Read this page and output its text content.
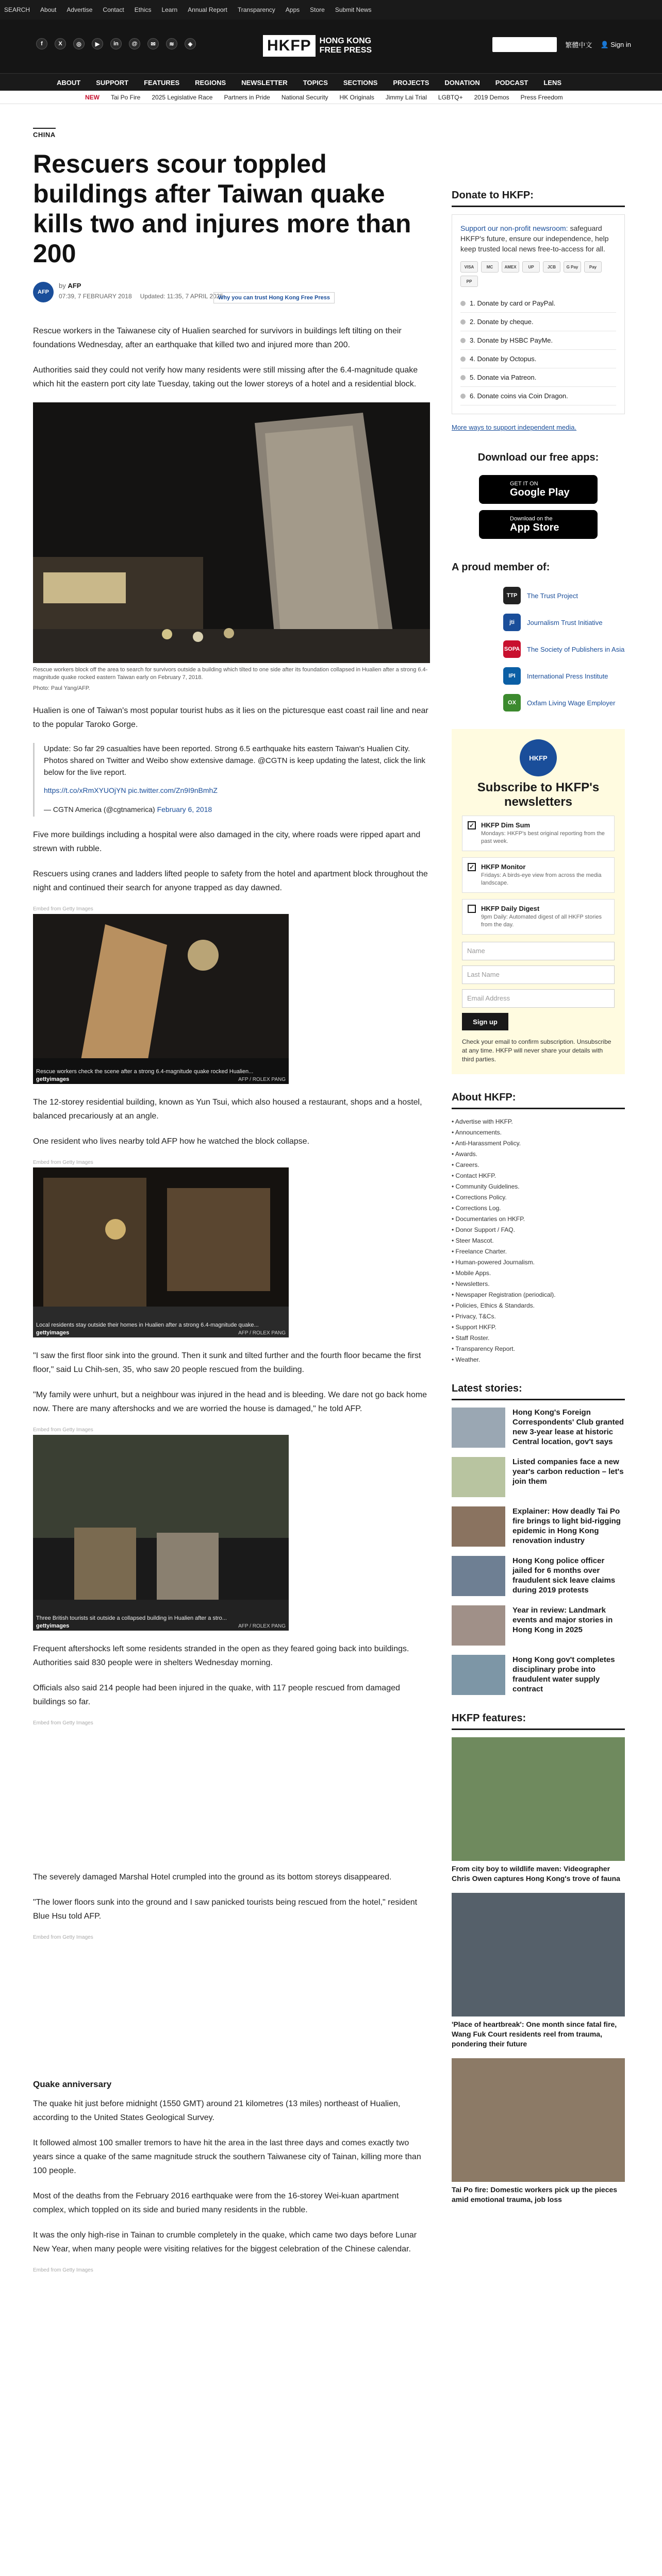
SEARCH About Advertise Contact Ethics Learn Annual Report Transparency Apps Store Submit News
f	X	◎	▶	in	@	✉	≋	◈	HKFP	HONG KONG FREE PRESS
SUPPORT HKFP	繁體中文 👤 Sign in
ABOUT SUPPORT FEATURES REGIONS NEWSLETTER TOPICS SECTIONS PROJECTS DONATION PODCAST LENS
NEW Tai Po Fire 2025 Legislative Race Partners in Pride National Security HK Originals Jimmy Lai Trial LGBTQ+ 2019 Demos Press Freedom
CHINA
Rescuers scour toppled buildings after Taiwan quake kills two and injures more than 200
AFP
by AFP
07:39, 7 FEBRUARY 2018 Updated: 11:35, 7 APRIL 2025
Why you can trust Hong Kong Free Press

Rescue workers in the Taiwanese city of Hualien searched for survivors in buildings left tilting on their foundations Wednesday, after an earthquake that killed two and injured more than 200.

Authorities said they could not verify how many residents were still missing after the 6.4-magnitude quake which hit the eastern port city late Tuesday, taking out the lower storeys of a hotel and a residential block.

Rescue workers block off the area to search for survivors outside a building which tilted to one side after its foundation collapsed in Hualien after a strong 6.4-magnitude quake rocked eastern Taiwan early on February 7, 2018.
Photo: Paul Yang/AFP.

Hualien is one of Taiwan's most popular tourist hubs as it lies on the picturesque east coast rail line and near to the popular Taroko Gorge.

Update: So far 29 casualties have been reported. Strong 6.5 earthquake hits eastern Taiwan's Hualien City. Photos shared on Twitter and Weibo show extensive damage. @CGTN is keep updating the latest, click the link below for the live report.

https://t.co/xRmXYUOjYN pic.twitter.com/Zn9I9nBmhZ

— CGTN America (@cgtnamerica) February 6, 2018

Five more buildings including a hospital were also damaged in the city, where roads were ripped apart and strewn with rubble.

Rescuers using cranes and ladders lifted people to safety from the hotel and apartment block throughout the night and continued their search for anyone trapped as day dawned.

Embed from Getty Images
Rescue workers check the scene after a strong 6.4-magnitude quake rocked Hualien...
gettyimages	AFP / ROLEX PANG

The 12-storey residential building, known as Yun Tsui, which also housed a restaurant, shops and a hostel, balanced precariously at an angle.

One resident who lives nearby told AFP how he watched the block collapse.

Embed from Getty Images
Local residents stay outside their homes in Hualien after a strong 6.4-magnitude quake...
gettyimages	AFP / ROLEX PANG

"I saw the first floor sink into the ground. Then it sunk and tilted further and the fourth floor became the first floor," said Lu Chih-sen, 35, who saw 20 people rescued from the building.

"My family were unhurt, but a neighbour was injured in the head and is bleeding. We dare not go back home now. There are many aftershocks and we are worried the house is damaged," he told AFP.

Embed from Getty Images
Three British tourists sit outside a collapsed building in Hualien after a stro...
gettyimages	AFP / ROLEX PANG

Frequent aftershocks left some residents stranded in the open as they feared going back into buildings. Authorities said 830 people were in shelters Wednesday morning.

Officials also said 214 people had been injured in the quake, with 117 people rescued from damaged buildings so far.

Embed from Getty Images

The severely damaged Marshal Hotel crumpled into the ground as its bottom storeys disappeared.

"The lower floors sunk into the ground and I saw panicked tourists being rescued from the hotel," resident Blue Hsu told AFP.

Embed from Getty Images
Quake anniversary

The quake hit just before midnight (1550 GMT) around 21 kilometres (13 miles) northeast of Hualien, according to the United States Geological Survey.

It followed almost 100 smaller tremors to have hit the area in the last three days and comes exactly two years since a quake of the same magnitude struck the southern Taiwanese city of Tainan, killing more than 100 people.

Most of the deaths from the February 2016 earthquake were from the 16-storey Wei-kuan apartment complex, which toppled on its side and buried many residents in the rubble.

It was the only high-rise in Tainan to crumble completely in the quake, which came two days before Lunar New Year, when many people were visiting relatives for the biggest celebration of the Chinese calendar.

Embed from Getty Images
Donate to HKFP:

Support our non-profit newsroom: safeguard HKFP's future, ensure our independence, help keep trusted local news free-to-access for all.

VISA	MC	AMEX	UP	JCB	G Pay	Pay
PP
1. Donate by card or PayPal.
2. Donate by cheque.
3. Donate by HSBC PayMe.
4. Donate by Octopus.
5. Donate via Patreon.
6. Donate coins via Coin Dragon.
More ways to support independent media.
Download our free apps:
GET IT ON
Google Play
Download on the
App Store
A proud member of:
TTP	The Trust Project
jti	Journalism Trust Initiative
SOPA The Society of Publishers in Asia
IPI	International Press Institute
OX	Oxfam Living Wage Employer
HKFP
Subscribe to HKFP's newsletters
✓ HKFP Dim Sum
Mondays: HKFP's best original reporting from the past week.
✓ HKFP Monitor
Fridays: A birds-eye view from across the media landscape.
HKFP Daily Digest
9pm Daily: Automated digest of all HKFP stories from the day.
Name
Last Name
Email Address
Sign up

Check your email to confirm subscription. Unsubscribe at any time. HKFP will never share your details with third parties.

About HKFP:
• Advertise with HKFP.
• Announcements.
• Anti-Harassment Policy.
• Awards.
• Careers.
• Contact HKFP.
• Community Guidelines.
• Corrections Policy.
• Corrections Log.
• Documentaries on HKFP.
• Donor Support / FAQ.
• Steer Mascot.
• Freelance Charter.
• Human-powered Journalism.
• Mobile Apps.
• Newsletters.
• Newspaper Registration (periodical).
• Policies, Ethics & Standards.
• Privacy, T&Cs.
• Support HKFP.
• Staff Roster.
• Transparency Report.
• Weather.
Latest stories:
Hong Kong's Foreign Correspondents' Club granted new 3-year lease at historic Central location, gov't says
Listed companies face a new year's carbon reduction – let's join them
Explainer: How deadly Tai Po fire brings to light bid-rigging epidemic in Hong Kong renovation industry
Hong Kong police officer jailed for 6 months over fraudulent sick leave claims during 2019 protests
Year in review: Landmark events and major stories in Hong Kong in 2025
Hong Kong gov't completes disciplinary probe into fraudulent water supply contract
HKFP features:
From city boy to wildlife maven: Videographer Chris Owen captures Hong Kong's trove of fauna
'Place of heartbreak': One month since fatal fire, Wang Fuk Court residents reel from trauma, pondering their future
Tai Po fire: Domestic workers pick up the pieces amid emotional trauma, job loss
